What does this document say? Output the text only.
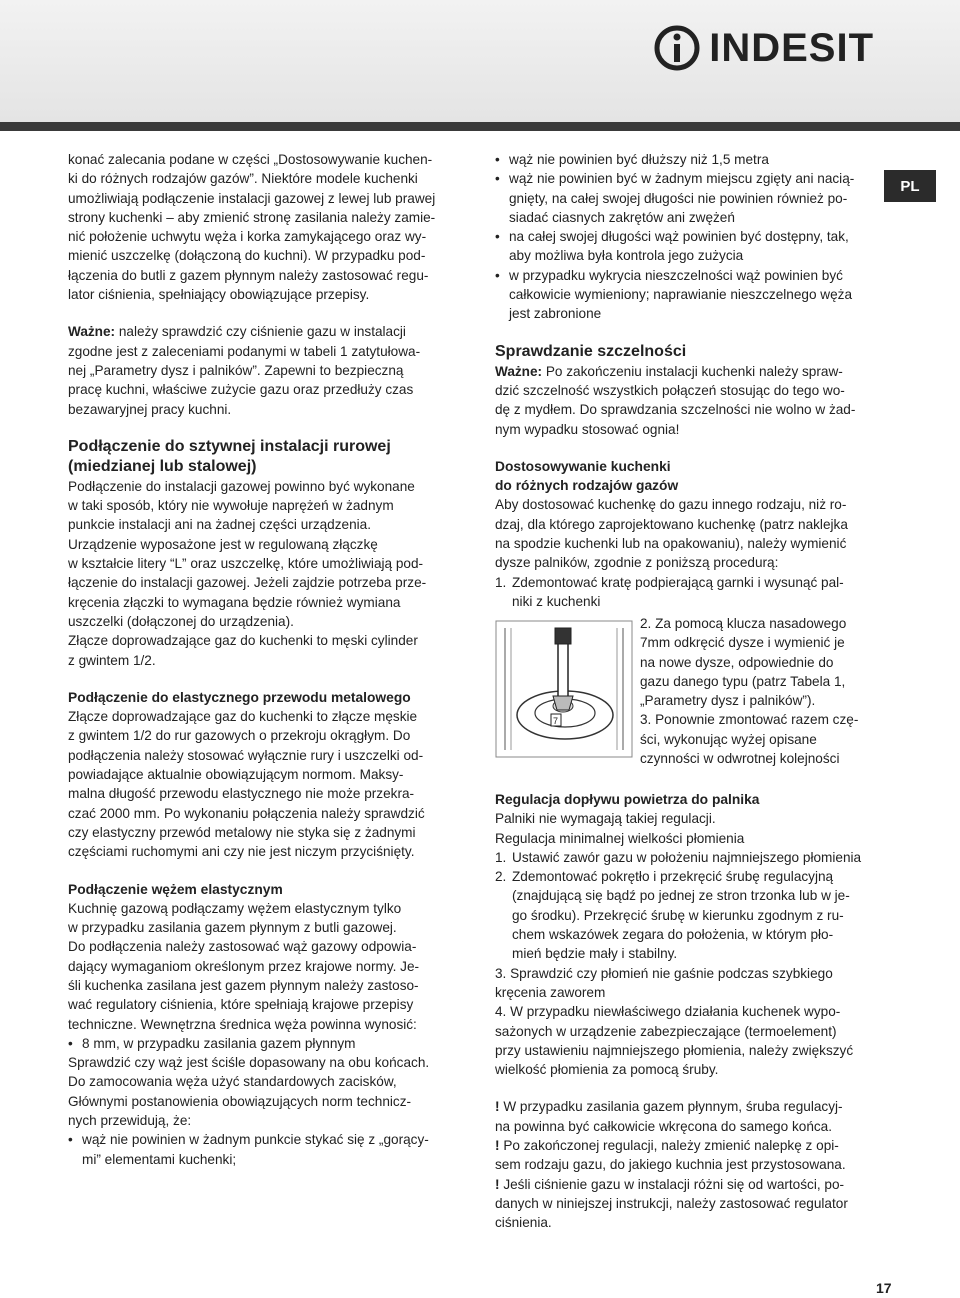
INDESIT
PL

konać zalecania podane w części „Dostosowywanie kuchen-

ki do różnych rodzajów gazów”. Niektóre modele kuchenki

umożliwiają podłączenie instalacji gazowej z lewej lub prawej

strony kuchenki – aby zmienić stronę zasilania należy zamie-

nić położenie uchwytu węża i korka zamykającego oraz wy-

mienić uszczelkę (dołączoną do kuchni). W przypadku pod-

łączenia do butli z gazem płynnym należy zastosować regu-

lator ciśnienia, spełniający obowiązujące przepisy.

Ważne: należy sprawdzić czy ciśnienie gazu w instalacji

zgodne jest z zaleceniami podanymi w tabeli 1 zatytułowa-

nej „Parametry dysz i palników”. Zapewni to bezpieczną

pracę kuchni, właściwe zużycie gazu oraz przedłuży czas

bezawaryjnej pracy kuchni.

Podłączenie do sztywnej instalacji rurowej
(miedzianej lub stalowej)

Podłączenie do instalacji gazowej powinno być wykonane

w taki sposób, który nie wywołuje naprężeń w żadnym

punkcie instalacji ani na żadnej części urządzenia.

Urządzenie wyposażone jest w regulowaną złączkę

w kształcie litery “L” oraz uszczelkę, które umożliwiają pod-

łączenie do instalacji gazowej. Jeżeli zajdzie potrzeba prze-

kręcenia złączki to wymagana będzie również wymiana

uszczelki (dołączonej do urządzenia).

Złącze doprowadzające gaz do kuchenki to męski cylinder

z gwintem 1/2.

Podłączenie do elastycznego przewodu metalowego

Złącze doprowadzające gaz do kuchenki to złącze męskie

z gwintem 1/2 do rur gazowych o przekroju okrągłym. Do

podłączenia należy stosować wyłącznie rury i uszczelki od-

powiadające aktualnie obowiązującym normom. Maksy-

malna długość przewodu elastycznego nie może przekra-

czać 2000 mm. Po wykonaniu połączenia należy sprawdzić

czy elastyczny przewód metalowy nie styka się z żadnymi

częściami ruchomymi ani czy nie jest niczym przyciśnięty.

Podłączenie wężem elastycznym

Kuchnię gazową podłączamy wężem elastycznym tylko

w przypadku zasilania gazem płynnym z butli gazowej.

Do podłączenia należy zastosować wąż gazowy odpowia-

dający wymaganiom określonym przez krajowe normy. Je-

śli kuchenka zasilana jest gazem płynnym należy zastoso-

wać regulatory ciśnienia, które spełniają krajowe przepisy

techniczne. Wewnętrzna średnica węża powinna wynosić:

• 8 mm, w przypadku zasilania gazem płynnym

Sprawdzić czy wąż jest ściśle dopasowany na obu końcach.

Do zamocowania węża użyć standardowych zacisków,

Głównymi postanowienia obowiązujących norm technicz-

nych przewidują, że:

• wąż nie powinien w żadnym punkcie stykać się z „gorący-
mi” elementami kuchenki;
• wąż nie powinien być dłuższy niż 1,5 metra
• wąż nie powinien być w żadnym miejscu zgięty ani nacią-
gnięty, na całej swojej długości nie powinien również po-
siadać ciasnych zakrętów ani zwężeń
• na całej swojej długości wąż powinien być dostępny, tak,
aby możliwa była kontrola jego zużycia
• w przypadku wykrycia nieszczelności wąż powinien być
całkowicie wymieniony; naprawianie nieszczelnego węża
jest zabronione

Sprawdzanie szczelności

Ważne: Po zakończeniu instalacji kuchenki należy spraw-

dzić szczelność wszystkich połączeń stosując do tego wo-

dę z mydłem. Do sprawdzania szczelności nie wolno w żad-

nym wypadku stosować ognia!

Dostosowywanie kuchenki
do różnych rodzajów gazów

Aby dostosować kuchenkę do gazu innego rodzaju, niż ro-

dzaj, dla którego zaprojektowano kuchenkę (patrz naklejka

na spodzie kuchenki lub na opakowaniu), należy wymienić

dysze palników, zgodnie z poniższą procedurą:

1. Zdemontować kratę podpierającą garnki i wysunąć pal-
niki z kuchenki
7

2. Za pomocą klucza nasadowego

7mm odkręcić dysze i wymienić je

na nowe dysze, odpowiednie do

gazu danego typu (patrz Tabela 1,

„Parametry dysz i palników”).

3. Ponownie zmontować razem czę-

ści, wykonując wyżej opisane

czynności w odwrotnej kolejności

Regulacja dopływu powietrza do palnika

Palniki nie wymagają takiej regulacji.

Regulacja minimalnej wielkości płomienia

1. Ustawić zawór gazu w położeniu najmniejszego płomienia
2. Zdemontować pokrętło i przekręcić śrubę regulacyjną
(znajdującą się bądź po jednej ze stron trzonka lub w je-
go środku). Przekręcić śrubę w kierunku zgodnym z ru-
chem wskazówek zegara do położenia, w którym pło-
mień będzie mały i stabilny.

3. Sprawdzić czy płomień nie gaśnie podczas szybkiego

kręcenia zaworem

4. W przypadku niewłaściwego działania kuchenek wypo-

sażonych w urządzenie zabezpieczające (termoelement)

przy ustawieniu najmniejszego płomienia, należy zwiększyć

wielkość płomienia za pomocą śruby.

! W przypadku zasilania gazem płynnym, śruba regulacyj-

na powinna być całkowicie wkręcona do samego końca.

! Po zakończonej regulacji, należy zmienić nalepkę z opi-

sem rodzaju gazu, do jakiego kuchnia jest przystosowana.

! Jeśli ciśnienie gazu w instalacji różni się od wartości, po-

danych w niniejszej instrukcji, należy zastosować regulator

ciśnienia.

17
